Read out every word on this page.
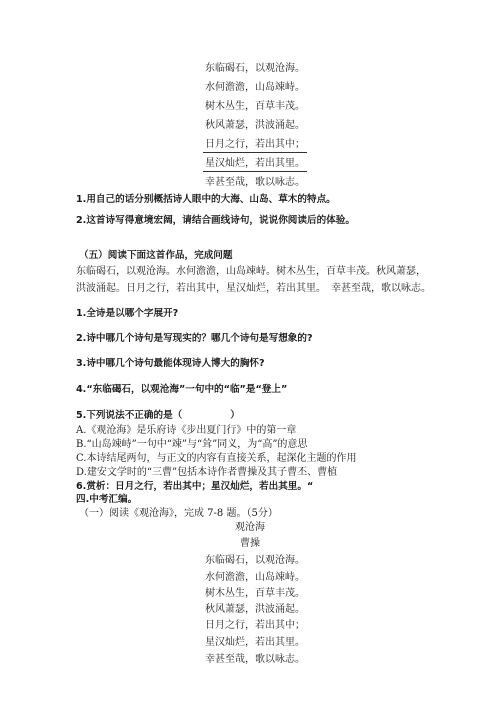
东临碣石，以观沧海。
水何澹澹，山岛竦峙。
树木丛生，百草丰茂。
秋风萧瑟，洪波涌起。
日月之行，若出其中；
星汉灿烂，若出其里。
幸甚至哉，歌以咏志。
1.用自己的话分别概括诗人眼中的大海、山岛、草木的特点。
2.这首诗写得意境宏阔，请结合画线诗句，说说你阅读后的体验。
（五）阅读下面这首作品，完成问题
东临碣石，以观沧海。水何澹澹，山岛竦峙。树木丛生，百草丰茂。秋风萧瑟，
洪波涌起。日月之行，若出其中，星汉灿烂，若出其里。　幸甚至哉，歌以咏志。
1.全诗是以哪个字展开?
2.诗中哪几个诗句是写现实的？哪几个诗句是写想象的?
3.诗中哪几个诗句最能体现诗人博大的胸怀?
4.“东临碣石，以观沧海”一句中的“临”是“登上”
5.下列说法不正确的是（	）
A.《观沧海》是乐府诗《步出夏门行》中的第一章
B.“山岛竦峙”一句中“竦”与“耸”同义，为“高”的意思
C.本诗结尾两句，与正文的内容有直接关系，起深化主题的作用
D.建安文学时的“三曹”包括本诗作者曹操及其子曹丕、曹植
6.赏析：日月之行，若出其中；星汉灿烂，若出其里。“
四.中考汇编。
（一）阅读《观沧海》，完成 7-8 题。（5分）
观沧海
曹操
东临碣石，以观沧海。
水何澹澹，山岛竦峙。
树木丛生，百草丰茂。
秋风萧瑟，洪波涌起。
日月之行，若出其中；
星汉灿烂，若出其里。
幸甚至哉，歌以咏志。
